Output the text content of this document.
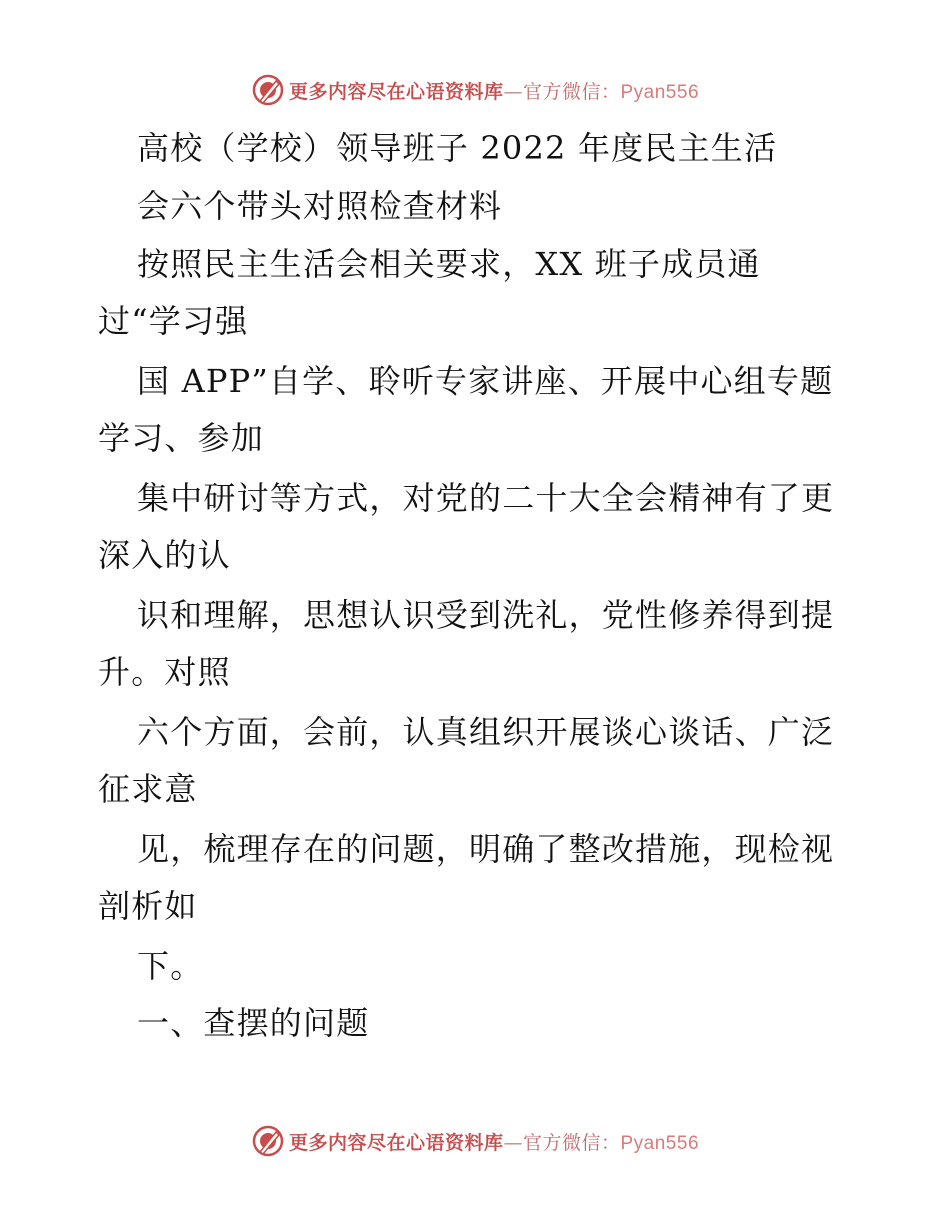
更多内容尽在心语资料库—官方微信：Pyan556
高校（学校）领导班子 2022 年度民主生活
会六个带头对照检查材料
按照民主生活会相关要求，XX 班子成员通
过“学习强
国 APP”自学、聆听专家讲座、开展中心组专题
学习、参加
集中研讨等方式，对党的二十大全会精神有了更
深入的认
识和理解，思想认识受到洗礼，党性修养得到提
升。对照
六个方面，会前，认真组织开展谈心谈话、广泛
征求意
见，梳理存在的问题，明确了整改措施，现检视
剖析如
下。
一、查摆的问题
更多内容尽在心语资料库—官方微信：Pyan556
